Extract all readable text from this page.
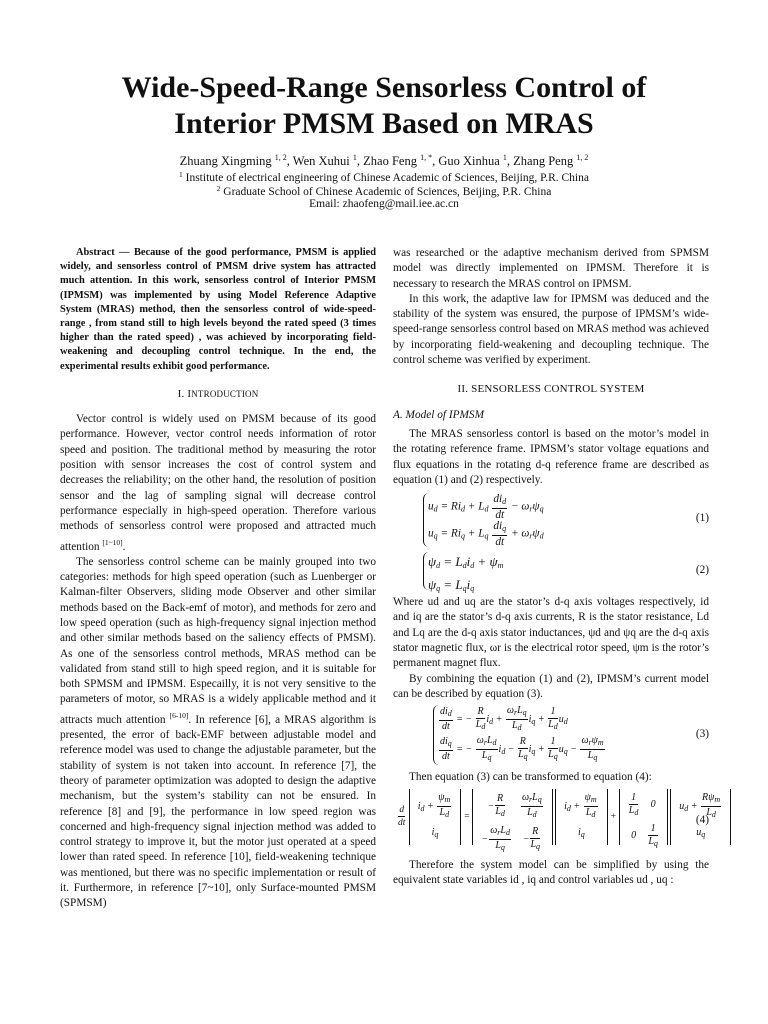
Wide-Speed-Range Sensorless Control of
Interior PMSM Based on MRAS
Zhuang Xingming $^{1, 2}$, Wen Xuhui $^1$, Zhao Feng $^{1, *}$, Guo Xinhua $^1$, Zhang Peng $^{1, 2}$
$^1$ Institute of electrical engineering of Chinese Academic of Sciences, Beijing, P.R. China
$^2$ Graduate School of Chinese Academic of Sciences, Beijing, P.R. China
Email: zhaofeng@mail.iee.ac.cn

Abstract — Because of the good performance, PMSM is applied widely, and sensorless control of PMSM drive system has attracted much attention. In this work, sensorless control of Interior PMSM (IPMSM) was implemented by using Model Reference Adaptive System (MRAS) method, then the sensorless control of wide-speed-range , from stand still to high levels beyond the rated speed (3 times higher than the rated speed) , was achieved by incorporating field-weakening and decoupling control technique. In the end, the experimental results exhibit good performance.

I. INTRODUCTION

Vector control is widely used on PMSM because of its good performance. However, vector control needs information of rotor speed and position. The traditional method by measuring the rotor position with sensor increases the cost of control system and decreases the reliability; on the other hand, the resolution of position sensor and the lag of sampling signal will decrease control performance especially in high-speed operation. Therefore various methods of sensorless control were proposed and attracted much attention [1~10].

The sensorless control scheme can be mainly grouped into two categories: methods for high speed operation (such as Luenberger or Kalman-filter Observers, sliding mode Observer and other similar methods based on the Back-emf of motor), and methods for zero and low speed operation (such as high-frequency signal injection method and other similar methods based on the saliency effects of PMSM). As one of the sensorless control methods, MRAS method can be validated from stand still to high speed region, and it is suitable for both SPMSM and IPMSM. Especailly, it is not very sensitive to the parameters of motor, so MRAS is a widely applicable method and it attracts much attention [6-10]. In reference [6], a MRAS algorithm is presented, the error of back-EMF between adjustable model and reference model was used to change the adjustable parameter, but the stability of system is not taken into account. In reference [7], the theory of parameter optimization was adopted to design the adaptive mechanism, but the system’s stability can not be ensured. In reference [8] and [9], the performance in low speed region was concerned and high-frequency signal injection method was added to control strategy to improve it, but the motor just operated at a speed lower than rated speed. In reference [10], field-weakening technique was mentioned, but there was no specific implementation or result of it. Furthermore, in reference [7~10], only Surface-mounted PMSM (SPMSM)

was researched or the adaptive mechanism derived from SPMSM model was directly implemented on IPMSM. Therefore it is necessary to research the MRAS control on IPMSM.

In this work, the adaptive law for IPMSM was deduced and the stability of the system was ensured, the purpose of IPMSM’s wide-speed-range sensorless control based on MRAS method was achieved by incorporating field-weakening and decoupling technique. The control scheme was verified by experiment.

II. SENSORLESS CONTROL SYSTEM
A. Model of IPMSM

The MRAS sensorless contorl is based on the motor’s model in the rotating reference frame. IPMSM’s stator voltage equations and flux equations in the rotating d-q reference frame are described as equation (1) and (2) respectively.

$u_d = Ri_d + L_d \frac{di_d}{dt} - \omega_r\psi_q$
$u_q = Ri_q + L_q \frac{di_q}{dt} + \omega_r\psi_d$
(1)
$\psi_d = L_di_d + \psi_m$
$\psi_q = L_qi_q$
(2)

Where ud and uq are the stator’s d-q axis voltages respectively, id and iq are the stator’s d-q axis currents, R is the stator resistance, Ld and Lq are the d-q axis stator inductances, ψd and ψq are the d-q axis stator magnetic flux, ωr is the electrical rotor speed, ψm is the rotor’s permanent magnet flux.

By combining the equation (1) and (2), IPMSM’s current model can be described by equation (3).

$\frac{di_d}{dt}$ = − $\frac{R}{L_d} i_d + \frac{\omega_rL_q}{L_d} i_q + \frac{1}{L_d} u_d$
$\frac{di_q}{dt}$ = − $\frac{\omega_rL_d}{L_q} i_d - \frac{R}{L_q} i_q + \frac{1}{L_q} u_q - \frac{\omega_r\psi_m}{L_q}$
(3)

Then equation (3) can be transformed to equation (4):

$\frac{d}{dt}$
$i_d + \frac{\psi_m}{L_d}$

$i_q$
=
− $\frac{R}{L_d}$	$\frac{\omega_rL_q}{L_d}$

− $\frac{\omega_rL_d}{L_q}$	− $\frac{R}{L_q}$

$i_d + \frac{\psi_m}{L_d}$

$i_q$
+ $\frac{1}{L_d}$	0
0	$\frac{1}{L_q}$

$u_d + \frac{R\psi_m}{L_d}$

$u_q$
(4)

Therefore the system model can be simplified by using the equivalent state variables id , iq and control variables ud , uq :
